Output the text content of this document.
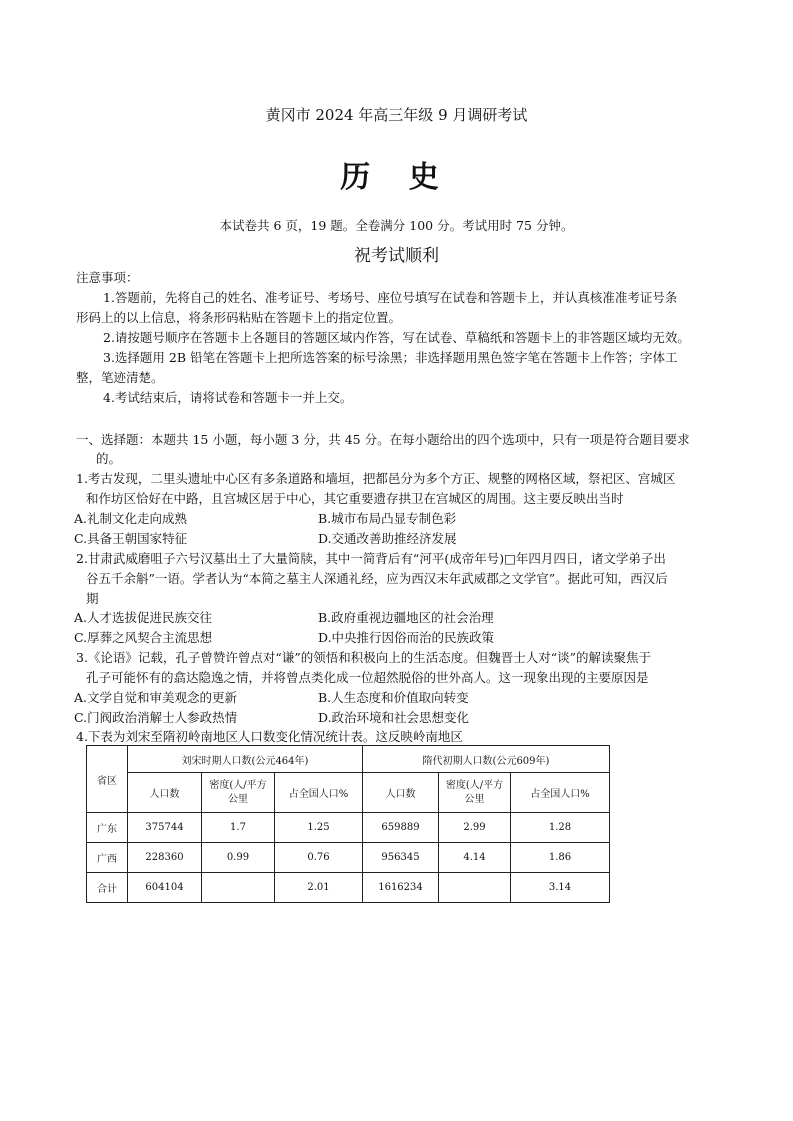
黄冈市 2024 年高三年级 9 月调研考试
历 史
本试卷共 6 页，19 题。全卷满分 100 分。考试用时 75 分钟。
祝考试顺利
注意事项：
1.答题前，先将自己的姓名、准考证号、考场号、座位号填写在试卷和答题卡上，并认真核准准考证号条
形码上的以上信息，将条形码粘贴在答题卡上的指定位置。
2.请按题号顺序在答题卡上各题目的答题区域内作答，写在试卷、草稿纸和答题卡上的非答题区域均无效。
3.选择题用 2B 铅笔在答题卡上把所选答案的标号涂黑；非选择题用黑色签字笔在答题卡上作答；字体工
整，笔迹清楚。
4.考试结束后，请将试卷和答题卡一并上交。
一、选择题：本题共 15 小题，每小题 3 分，共 45 分。在每小题给出的四个选项中，只有一项是符合题目要求
的。
1.考古发现，二里头遗址中心区有多条道路和墙垣，把都邑分为多个方正、规整的网格区域，祭祀区、宫城区
和作坊区恰好在中路，且宫城区居于中心，其它重要遗存拱卫在宫城区的周围。这主要反映出当时
A.礼制文化走向成熟	B.城市布局凸显专制色彩
C.具备王朝国家特征	D.交通改善助推经济发展
2.甘肃武威磨咀子六号汉墓出土了大量简牍，其中一简背后有“河平(成帝年号)□年四月四日，诸文学弟子出
谷五千余斛”一语。学者认为“本简之墓主人深通礼经，应为西汉末年武威郡之文学官”。据此可知，西汉后
期
A.人才选拔促进民族交往	B.政府重视边疆地区的社会治理
C.厚葬之风契合主流思想	D.中央推行因俗而治的民族政策
3.《论语》记载，孔子曾赞许曾点对“谦”的领悟和积极向上的生活态度。但魏晋士人对“谈”的解读聚焦于
孔子可能怀有的翕达隐逸之情，并将曾点类化成一位超然脱俗的世外高人。这一现象出现的主要原因是
A.文学自觉和审美观念的更新	B.人生态度和价值取向转变
C.门阀政治消解士人参政热情	D.政治环境和社会思想变化
4.下表为刘宋至隋初岭南地区人口数变化情况统计表。这反映岭南地区
省区	刘宋时期人口数(公元464年)			隋代初期人口数(公元609年)		
	人口数	密度(人/平方公里	占全国人口%	人口数	密度(人/平方公里	占全国人口%
广东	375744	1.7	1.25	659889	2.99	1.28
广西	228360	0.99	0.76	956345	4.14	1.86
合计	604104		2.01	1616234		3.14
